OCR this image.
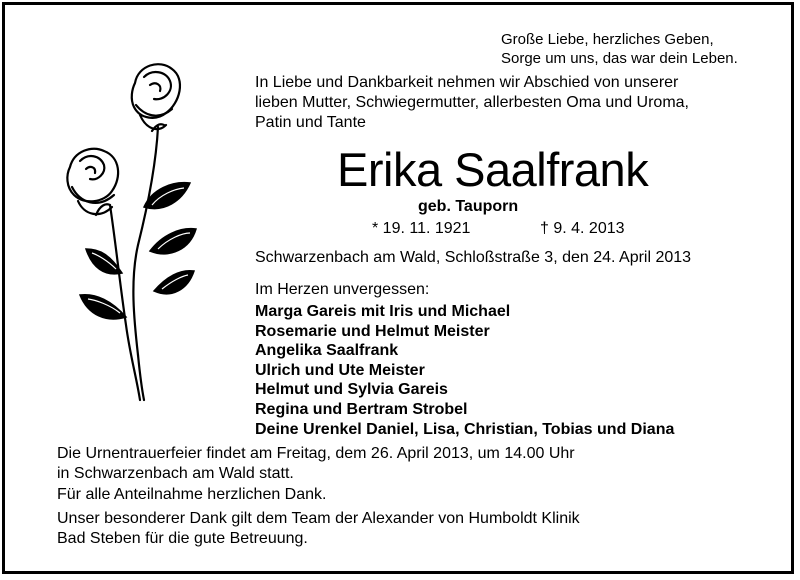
Große Liebe, herzliches Geben,
Sorge um uns, das war dein Leben.
In Liebe und Dankbarkeit nehmen wir Abschied von unserer
lieben Mutter, Schwiegermutter, allerbesten Oma und Uroma,
Patin und Tante
Erika Saalfrank
geb. Tauporn
* 19. 11. 1921	† 9. 4. 2013
Schwarzenbach am Wald, Schloßstraße 3, den 24. April 2013
Im Herzen unvergessen:
Marga Gareis mit Iris und Michael
Rosemarie und Helmut Meister
Angelika Saalfrank
Ulrich und Ute Meister
Helmut und Sylvia Gareis
Regina und Bertram Strobel
Deine Urenkel Daniel, Lisa, Christian, Tobias und Diana
Die Urnentrauerfeier findet am Freitag, dem 26. April 2013, um 14.00 Uhr
in Schwarzenbach am Wald statt.
Für alle Anteilnahme herzlichen Dank.
Unser besonderer Dank gilt dem Team der Alexander von Humboldt Klinik
Bad Steben für die gute Betreuung.
